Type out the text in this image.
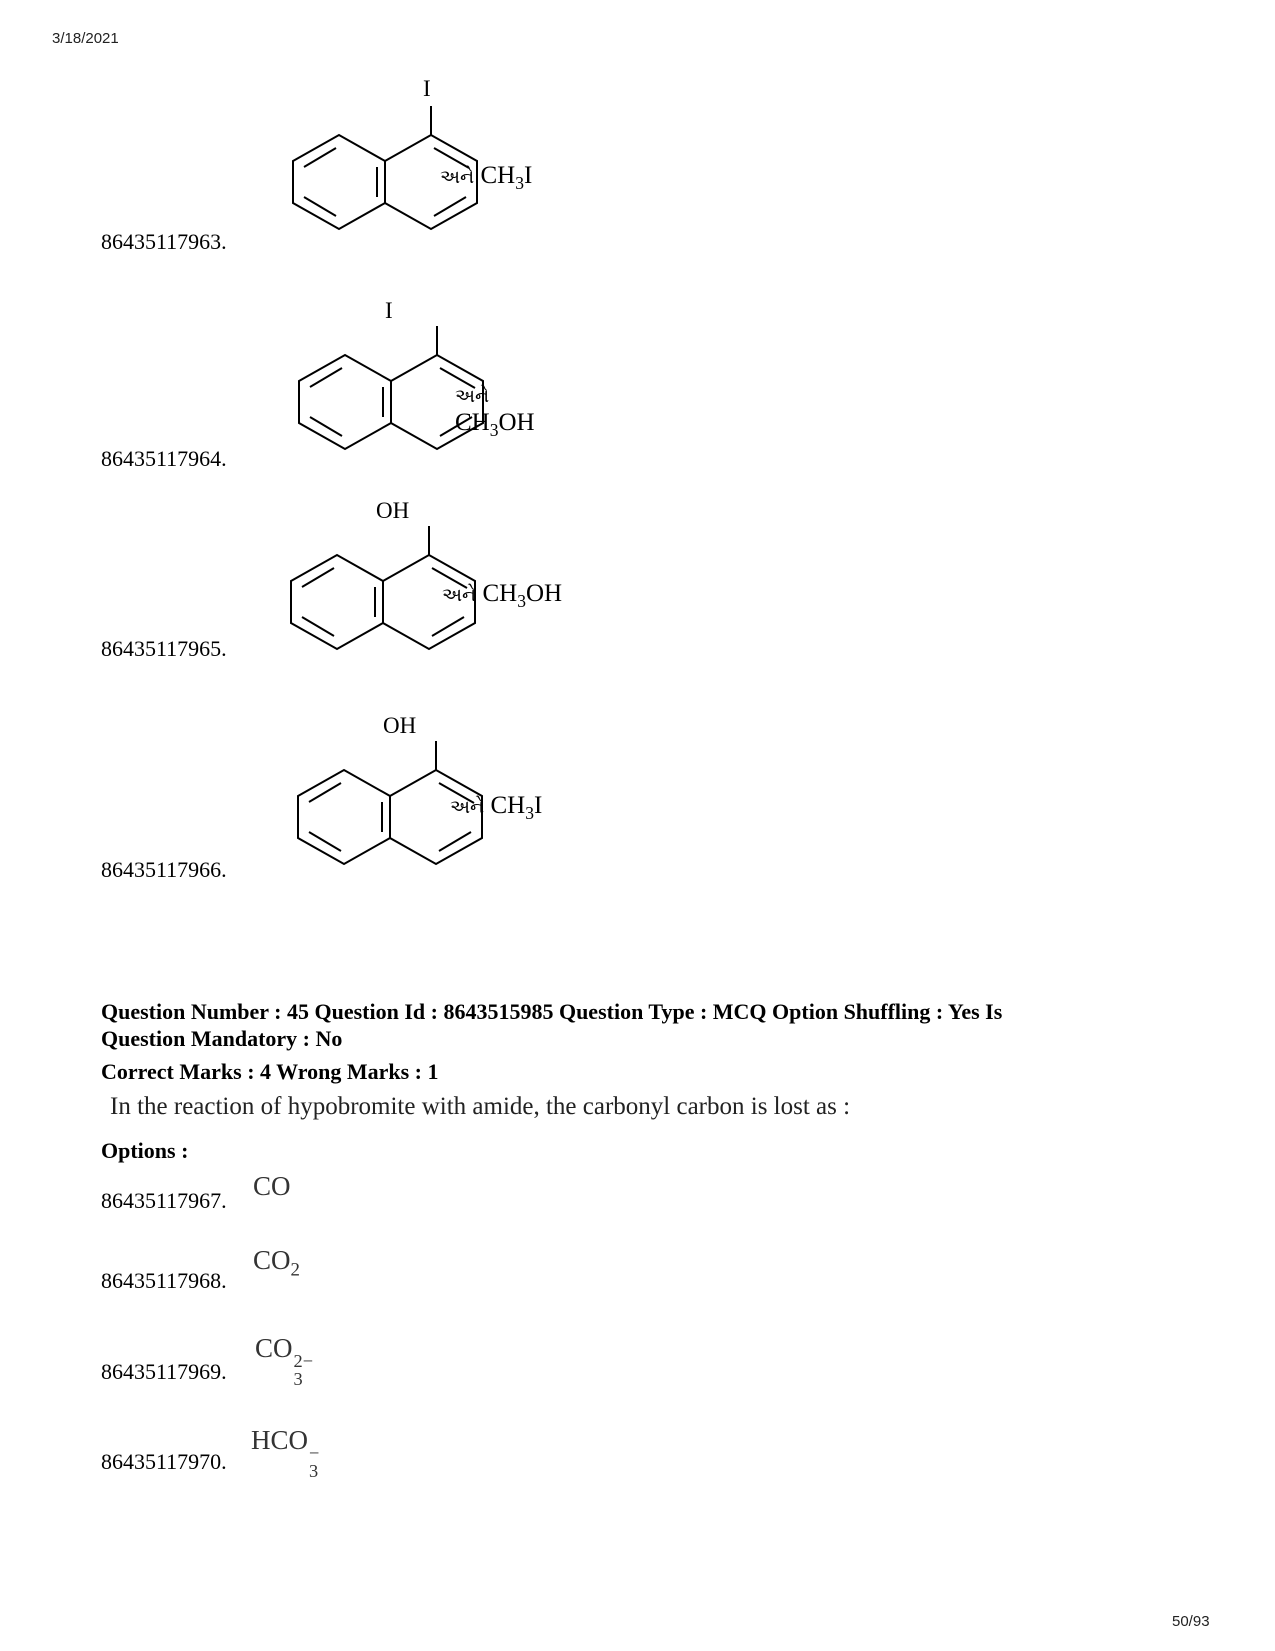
3/18/2021
86435117963.
I
અને $CH_3I$
86435117964.
I
અને $CH_3OH$
86435117965.
OH
અને $CH_3OH$
86435117966.
OH
અને $CH_3I$
Question Number : 45 Question Id : 8643515985 Question Type : MCQ Option Shuffling : Yes Is
Question Mandatory : No
Correct Marks : 4 Wrong Marks : 1
In the reaction of hypobromite with amide, the carbonyl carbon is lost as :
Options :
86435117967. CO
86435117968.
$CO_2$
86435117969.
CO 2−
3
86435117970.
HCO −
3
50/93
